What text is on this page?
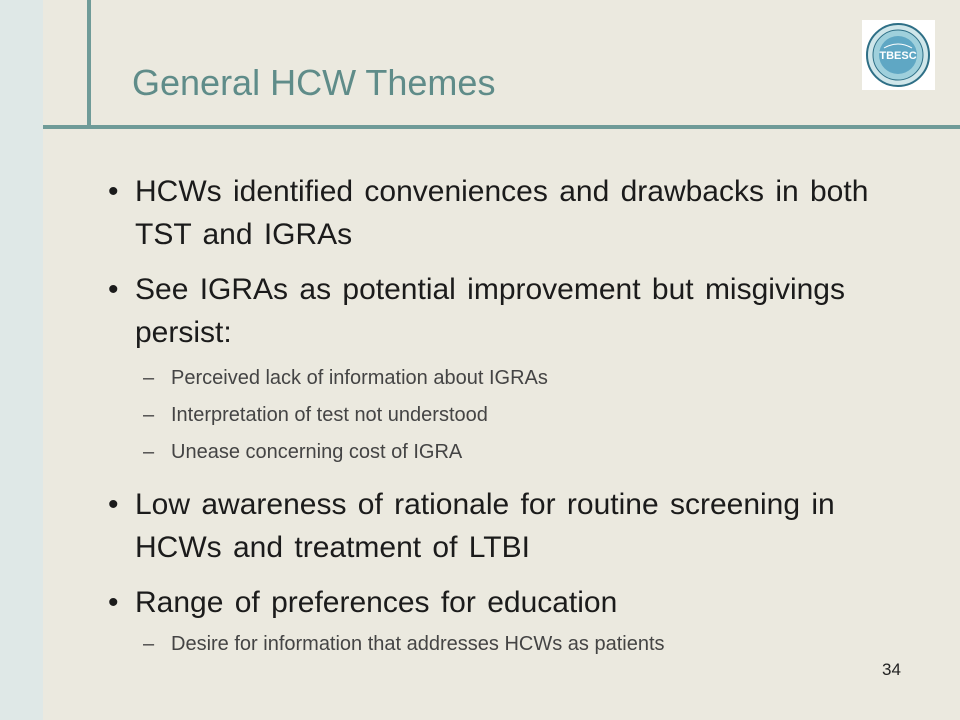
General HCW Themes
TBESC
• HCWs identified conveniences and drawbacks in both TST and IGRAs
• See IGRAs as potential improvement but misgivings persist:
– Perceived lack of information about IGRAs
– Interpretation of test not understood
– Unease concerning cost of IGRA
• Low awareness of rationale for routine screening in HCWs and treatment of LTBI
• Range of preferences for education
– Desire for information that addresses HCWs as patients
34
